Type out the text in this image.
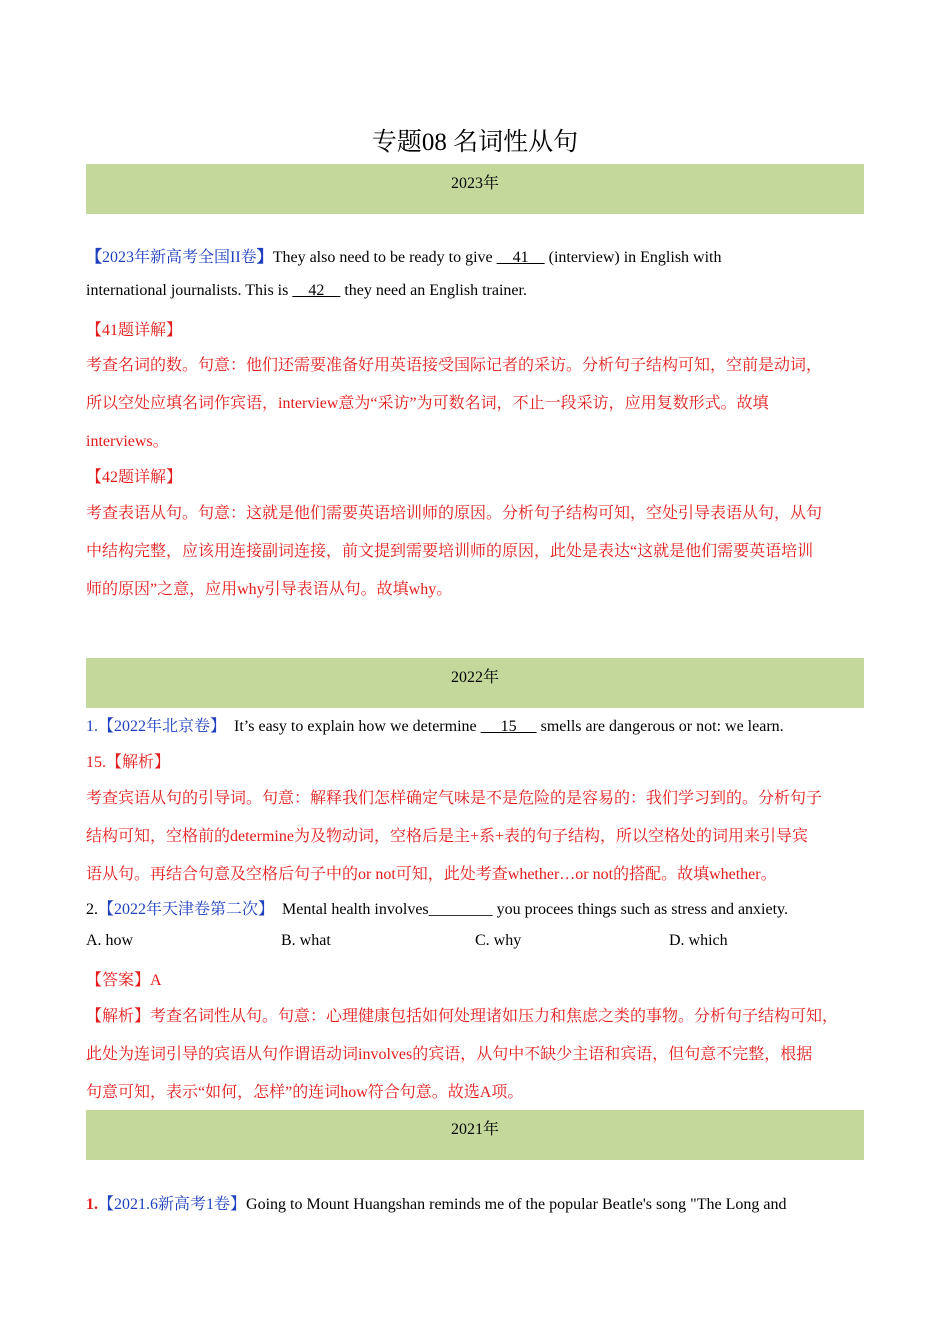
专题08 名词性从句
2023年
【2023年新高考全国II卷】They also need to be ready to give     41     (interview) in English with
international journalists. This is     42     they need an English trainer.
【41题详解】
考查名词的数。句意：他们还需要准备好用英语接受国际记者的采访。分析句子结构可知，空前是动词，
所以空处应填名词作宾语，interview意为“采访”为可数名词，不止一段采访，应用复数形式。故填
interviews。
【42题详解】
考查表语从句。句意：这就是他们需要英语培训师的原因。分析句子结构可知，空处引导表语从句，从句
中结构完整，应该用连接副词连接，前文提到需要培训师的原因，此处是表达“这就是他们需要英语培训
师的原因”之意，应用why引导表语从句。故填why。
2022年
1.【2022年北京卷】  It’s easy to explain how we determine      15      smells are dangerous or not: we learn.
15.【解析】
考查宾语从句的引导词。句意：解释我们怎样确定气味是不是危险的是容易的：我们学习到的。分析句子
结构可知，空格前的determine为及物动词，空格后是主+系+表的句子结构，所以空格处的词用来引导宾
语从句。再结合句意及空格后句子中的or not可知，此处考查whether…or not的搭配。故填whether。
2.【2022年天津卷第二次】  Mental health involves________ you procees things such as stress and anxiety.
A. how	B. what	C. why	D. which
【答案】A
【解析】考查名词性从句。句意：心理健康包括如何处理诸如压力和焦虑之类的事物。分析句子结构可知，
此处为连词引导的宾语从句作谓语动词involves的宾语，从句中不缺少主语和宾语，但句意不完整，根据
句意可知，表示“如何，怎样”的连词how符合句意。故选A项。
2021年
1.【2021.6新高考1卷】Going to Mount Huangshan reminds me of the popular Beatle's song "The Long and
